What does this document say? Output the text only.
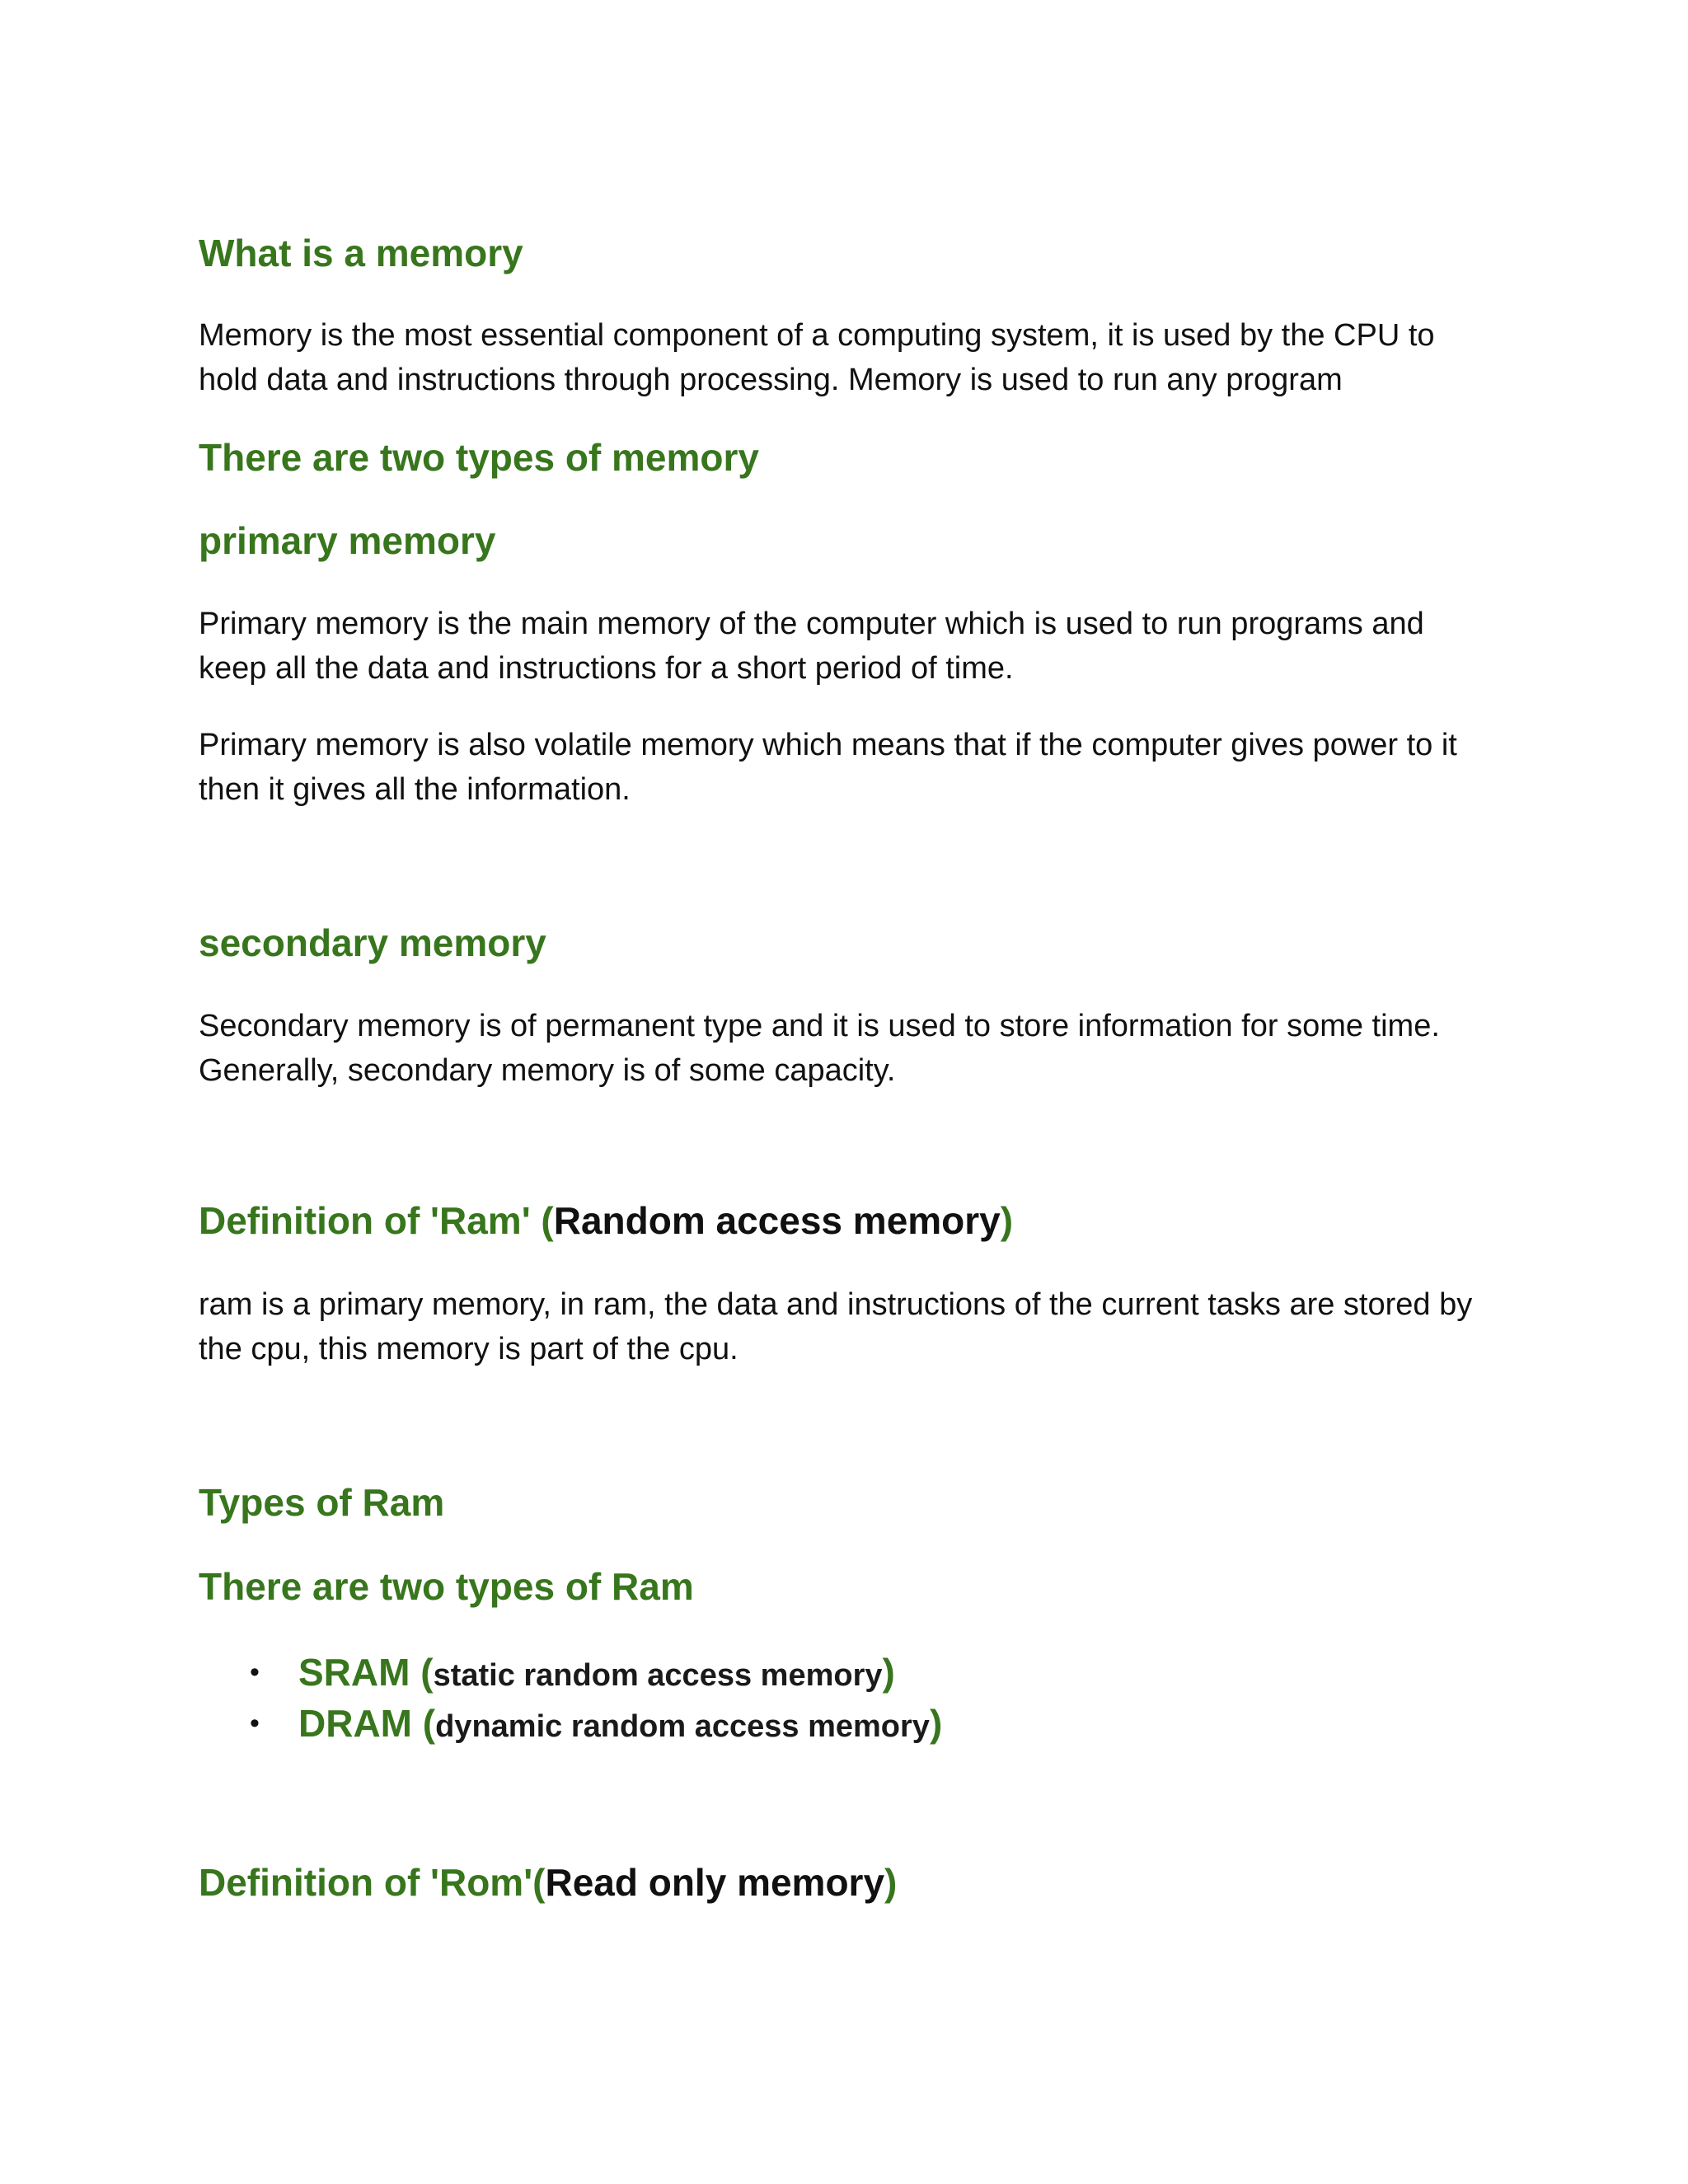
What is a memory

Memory is the most essential component of a computing system, it is used by the CPU to hold data and instructions through processing. Memory is used to run any program

There are two types of memory
primary memory

Primary memory is the main memory of the computer which is used to run programs and keep all the data and instructions for a short period of time.

Primary memory is also volatile memory which means that if the computer gives power to it then it gives all the information.

secondary memory

Secondary memory is of permanent type and it is used to store information for some time. Generally, secondary memory is of some capacity.

Definition of 'Ram' (Random access memory)

ram is a primary memory, in ram, the data and instructions of the current tasks are stored by the cpu, this memory is part of the cpu.

Types of Ram
There are two types of Ram
• SRAM (static random access memory)
• DRAM (dynamic random access memory)
Definition of 'Rom'(Read only memory)
